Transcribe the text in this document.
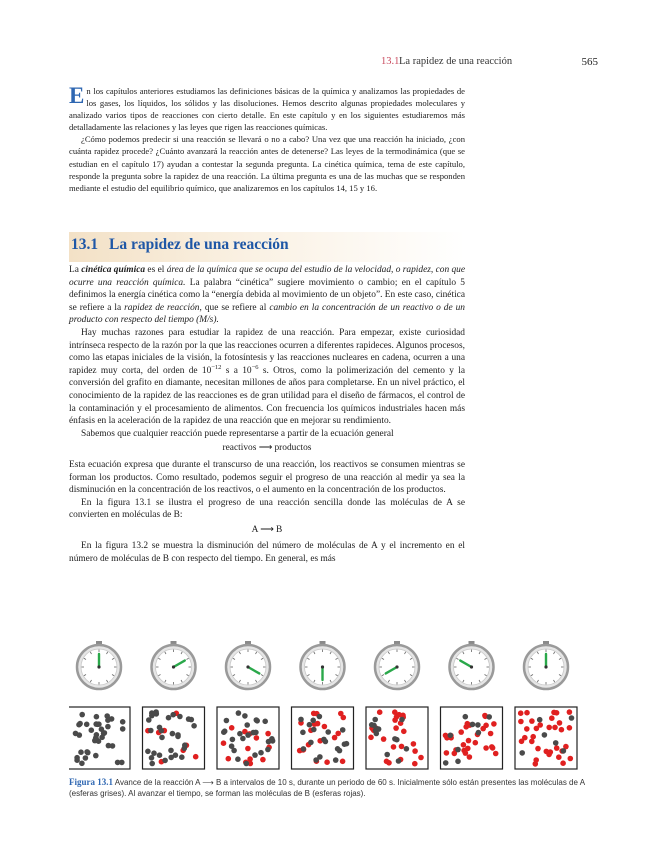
13.1 La rapidez de una reacción	565

En los capítulos anteriores estudiamos las definiciones básicas de la química y analizamos las propiedades de los gases, los líquidos, los sólidos y las disoluciones. Hemos descrito algunas propiedades moleculares y analizado varios tipos de reacciones con cierto detalle. En este capítulo y en los siguientes estudiaremos más detalladamente las relaciones y las leyes que rigen las reacciones químicas.

¿Cómo podemos predecir si una reacción se llevará o no a cabo? Una vez que una reacción ha iniciado, ¿con cuánta rapidez procede? ¿Cuánto avanzará la reacción antes de detenerse? Las leyes de la termodinámica (que se estudian en el capítulo 17) ayudan a contestar la segunda pregunta. La cinética química, tema de este capítulo, responde la pregunta sobre la rapidez de una reacción. La última pregunta es una de las muchas que se responden mediante el estudio del equilibrio químico, que analizaremos en los capítulos 14, 15 y 16.

13.1 La rapidez de una reacción

La cinética química es el área de la química que se ocupa del estudio de la velocidad, o rapidez, con que ocurre una reacción química. La palabra “cinética” sugiere movimiento o cambio; en el capítulo 5 definimos la energía cinética como la “energía debida al movimiento de un objeto”. En este caso, cinética se refiere a la rapidez de reacción, que se refiere al cambio en la concentración de un reactivo o de un producto con respecto del tiempo (M/s).

Hay muchas razones para estudiar la rapidez de una reacción. Para empezar, existe curiosidad intrínseca respecto de la razón por la que las reacciones ocurren a diferentes rapideces. Algunos procesos, como las etapas iniciales de la visión, la fotosíntesis y las reacciones nucleares en cadena, ocurren a una rapidez muy corta, del orden de $10^{-12}$ s a $10^{-6}$ s. Otros, como la polimerización del cemento y la conversión del grafito en diamante, necesitan millones de años para completarse. En un nivel práctico, el conocimiento de la rapidez de las reacciones es de gran utilidad para el diseño de fármacos, el control de la contaminación y el procesamiento de alimentos. Con frecuencia los químicos industriales hacen más énfasis en la aceleración de la rapidez de una reacción que en mejorar su rendimiento.

Sabemos que cualquier reacción puede representarse a partir de la ecuación general

reactivos ⟶ productos

Esta ecuación expresa que durante el transcurso de una reacción, los reactivos se consumen mientras se forman los productos. Como resultado, podemos seguir el progreso de una reacción al medir ya sea la disminución en la concentración de los reactivos, o el aumento en la concentración de los productos.

En la figura 13.1 se ilustra el progreso de una reacción sencilla donde las moléculas de A se convierten en moléculas de B:

A ⟶ B

En la figura 13.2 se muestra la disminución del número de moléculas de A y el incremento en el número de moléculas de B con respecto del tiempo. En general, es más

Figura 13.1 Avance de la reacción A ⟶ B a intervalos de 10 s, durante un periodo de 60 s. Inicialmente sólo están presentes las moléculas de A (esferas grises). Al avanzar el tiempo, se forman las moléculas de B (esferas rojas).
